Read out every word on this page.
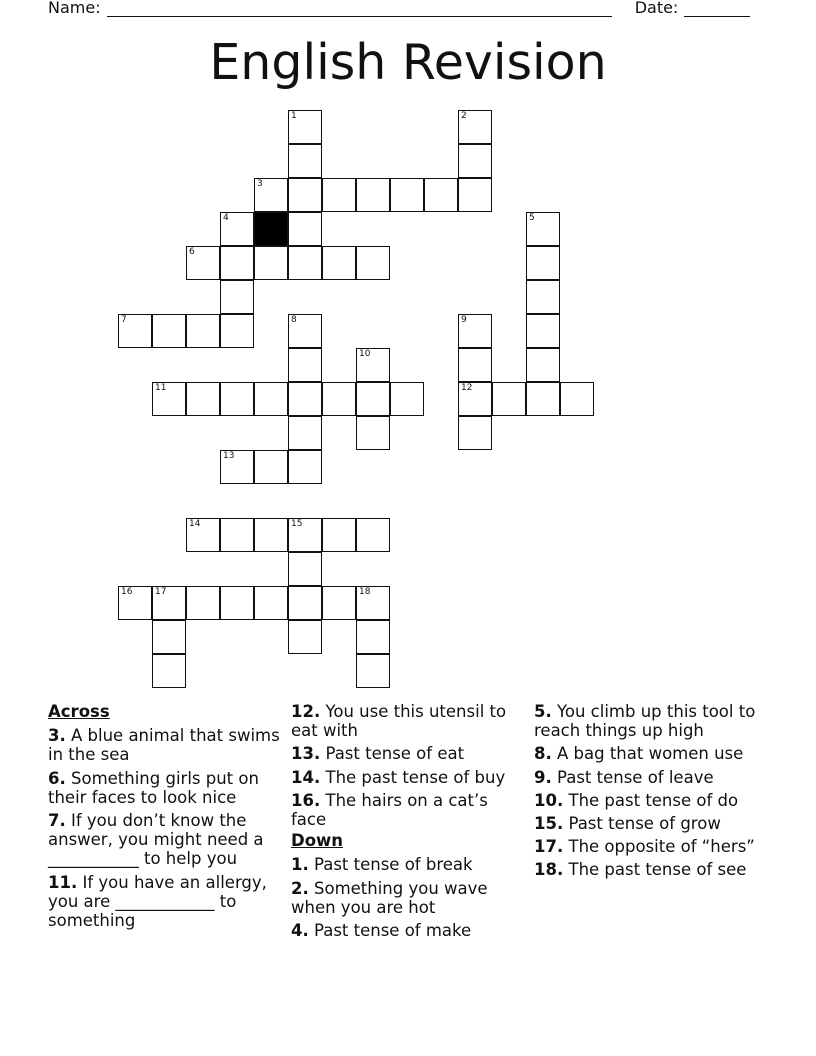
Name:	Date:
English Revision
1	2
3
4	5
6
7	8	9
10
11	12
13
14	15
16	17	18
Across
3. A blue animal that swims in the sea
6. Something girls put on their faces to look nice
7. If you don’t know the answer, you might need a ___________ to help you
11. If you have an allergy, you are ____________ to something
12. You use this utensil to eat with
13. Past tense of eat
14. The past tense of buy
16. The hairs on a cat’s face
Down
1. Past tense of break
2. Something you wave when you are hot
4. Past tense of make
5. You climb up this tool to reach things up high
8. A bag that women use
9. Past tense of leave
10. The past tense of do
15. Past tense of grow
17. The opposite of “hers”
18. The past tense of see
